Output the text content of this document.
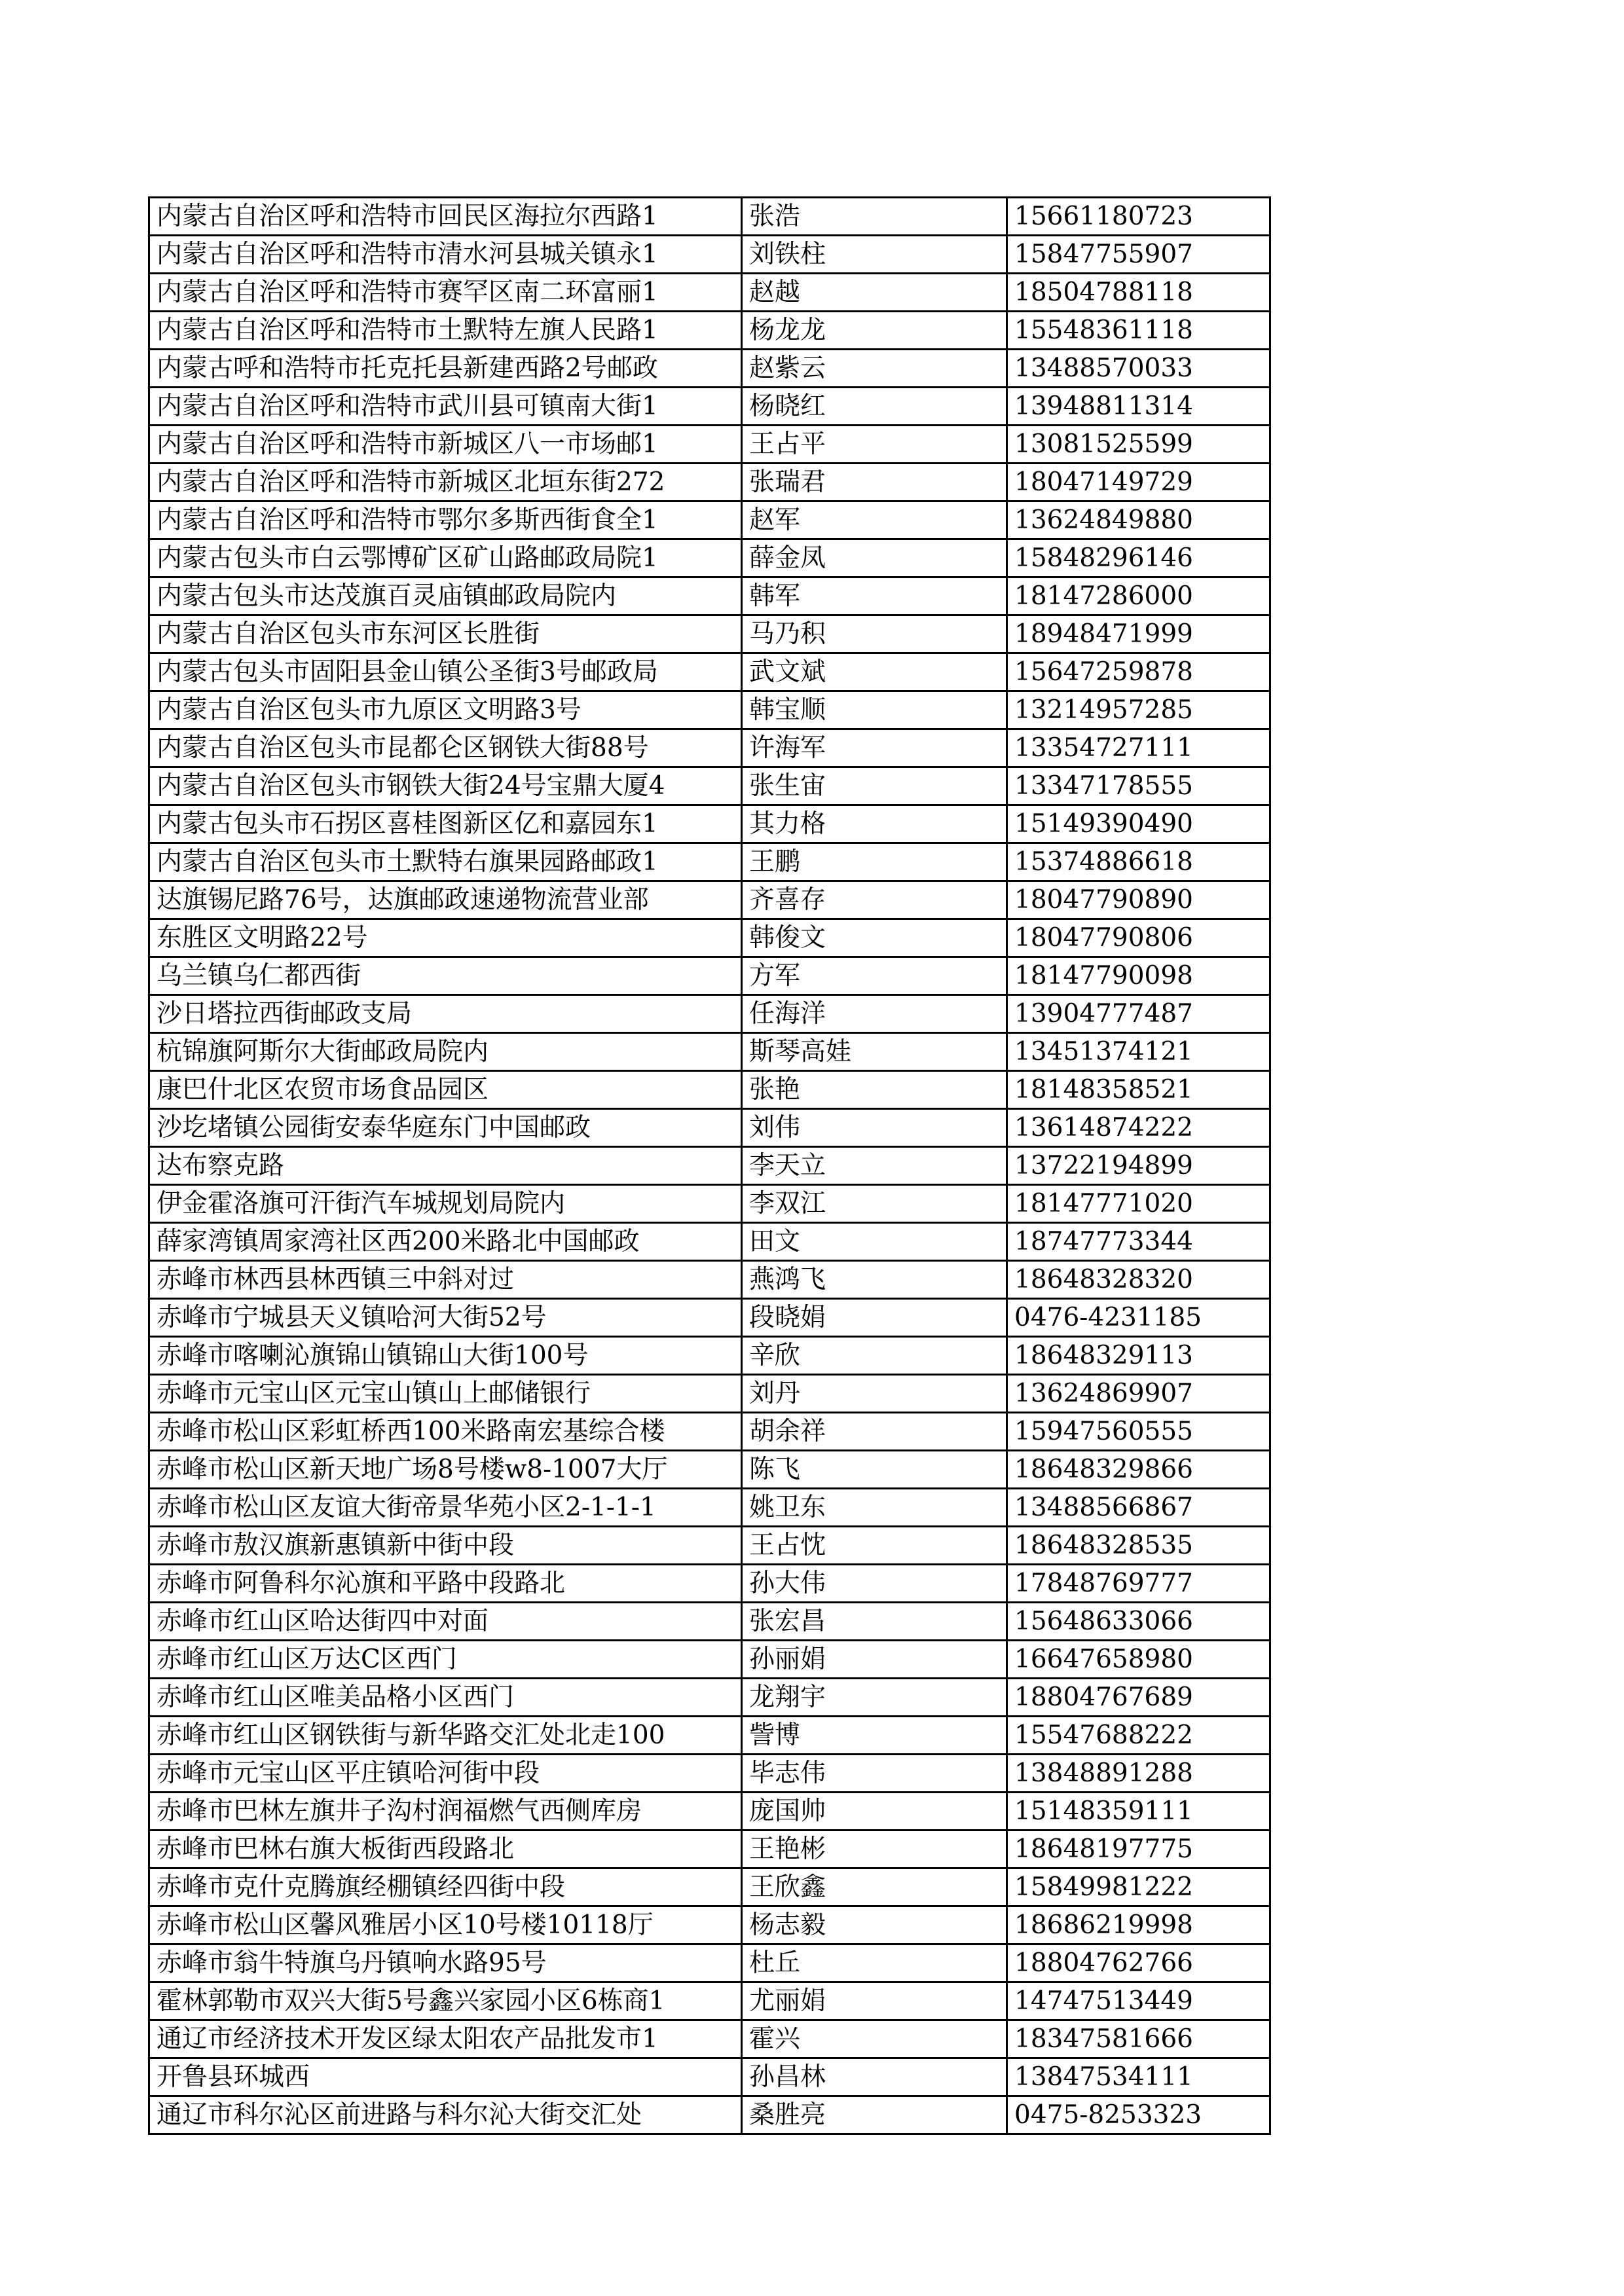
内蒙古自治区呼和浩特市回民区海拉尔西路1	张浩	15661180723
内蒙古自治区呼和浩特市清水河县城关镇永1	刘铁柱	15847755907
内蒙古自治区呼和浩特市赛罕区南二环富丽1	赵越	18504788118
内蒙古自治区呼和浩特市土默特左旗人民路1	杨龙龙	15548361118
内蒙古呼和浩特市托克托县新建西路2号邮政	赵紫云	13488570033
内蒙古自治区呼和浩特市武川县可镇南大街1	杨晓红	13948811314
内蒙古自治区呼和浩特市新城区八一市场邮1	王占平	13081525599
内蒙古自治区呼和浩特市新城区北垣东街272	张瑞君	18047149729
内蒙古自治区呼和浩特市鄂尔多斯西街食全1	赵军	13624849880
内蒙古包头市白云鄂博矿区矿山路邮政局院1	薛金凤	15848296146
内蒙古包头市达茂旗百灵庙镇邮政局院内	韩军	18147286000
内蒙古自治区包头市东河区长胜街	马乃积	18948471999
内蒙古包头市固阳县金山镇公圣街3号邮政局	武文斌	15647259878
内蒙古自治区包头市九原区文明路3号	韩宝顺	13214957285
内蒙古自治区包头市昆都仑区钢铁大街88号	许海军	13354727111
内蒙古自治区包头市钢铁大街24号宝鼎大厦4	张生宙	13347178555
内蒙古包头市石拐区喜桂图新区亿和嘉园东1	其力格	15149390490
内蒙古自治区包头市土默特右旗果园路邮政1	王鹏	15374886618
达旗锡尼路76号，达旗邮政速递物流营业部	齐喜存	18047790890
东胜区文明路22号	韩俊文	18047790806
乌兰镇乌仁都西街	方军	18147790098
沙日塔拉西街邮政支局	任海洋	13904777487
杭锦旗阿斯尔大街邮政局院内	斯琴高娃	13451374121
康巴什北区农贸市场食品园区	张艳	18148358521
沙圪堵镇公园街安泰华庭东门中国邮政	刘伟	13614874222
达布察克路	李天立	13722194899
伊金霍洛旗可汗街汽车城规划局院内	李双江	18147771020
薛家湾镇周家湾社区西200米路北中国邮政	田文	18747773344
赤峰市林西县林西镇三中斜对过	燕鸿飞	18648328320
赤峰市宁城县天义镇哈河大街52号	段晓娟	0476-4231185
赤峰市喀喇沁旗锦山镇锦山大街100号	辛欣	18648329113
赤峰市元宝山区元宝山镇山上邮储银行	刘丹	13624869907
赤峰市松山区彩虹桥西100米路南宏基综合楼	胡余祥	15947560555
赤峰市松山区新天地广场8号楼w8-1007大厅	陈飞	18648329866
赤峰市松山区友谊大街帝景华苑小区2-1-1-1	姚卫东	13488566867
赤峰市敖汉旗新惠镇新中街中段	王占忱	18648328535
赤峰市阿鲁科尔沁旗和平路中段路北	孙大伟	17848769777
赤峰市红山区哈达街四中对面	张宏昌	15648633066
赤峰市红山区万达C区西门	孙丽娟	16647658980
赤峰市红山区唯美品格小区西门	龙翔宇	18804767689
赤峰市红山区钢铁街与新华路交汇处北走100	訾博	15547688222
赤峰市元宝山区平庄镇哈河街中段	毕志伟	13848891288
赤峰市巴林左旗井子沟村润福燃气西侧库房	庞国帅	15148359111
赤峰市巴林右旗大板街西段路北	王艳彬	18648197775
赤峰市克什克腾旗经棚镇经四街中段	王欣鑫	15849981222
赤峰市松山区馨风雅居小区10号楼10118厅	杨志毅	18686219998
赤峰市翁牛特旗乌丹镇响水路95号	杜丘	18804762766
霍林郭勒市双兴大街5号鑫兴家园小区6栋商1	尤丽娟	14747513449
通辽市经济技术开发区绿太阳农产品批发市1	霍兴	18347581666
开鲁县环城西	孙昌林	13847534111
通辽市科尔沁区前进路与科尔沁大街交汇处	桑胜亮	0475-8253323
